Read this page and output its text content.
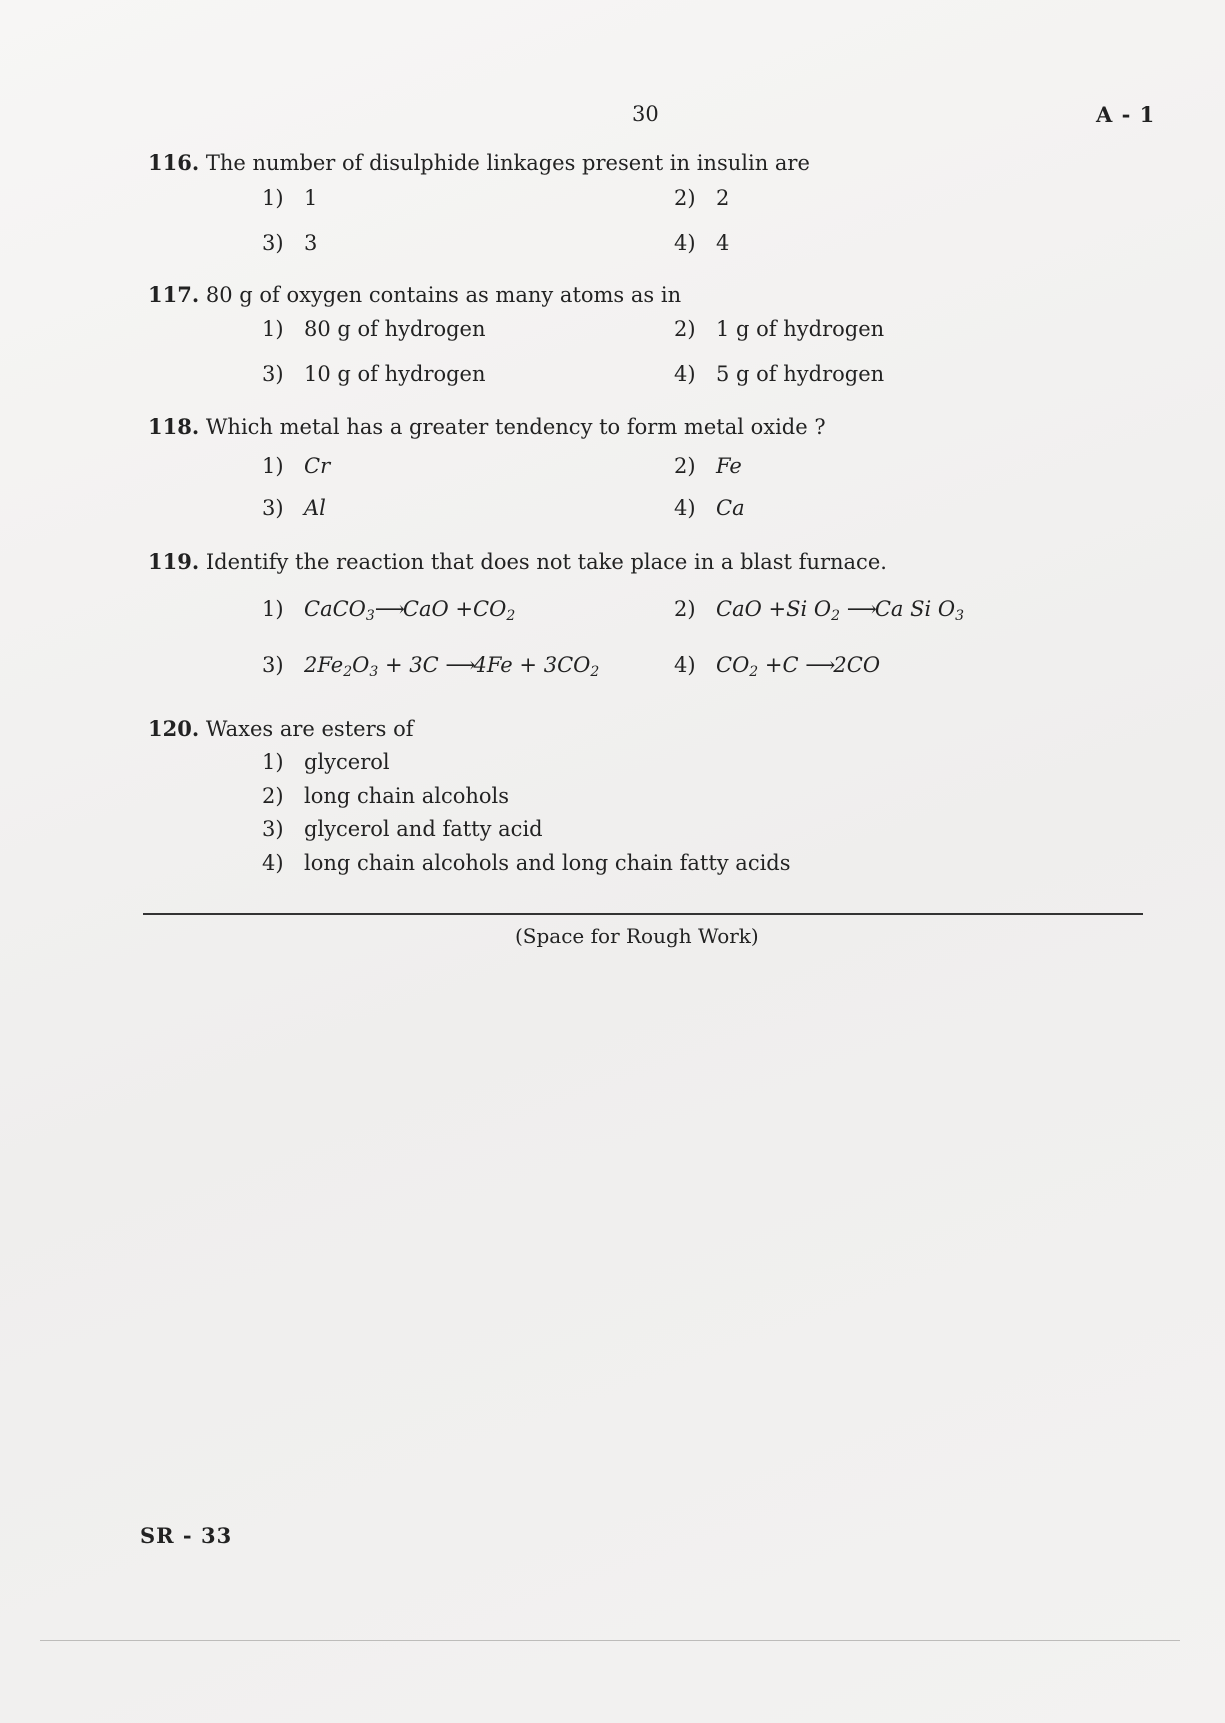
30	A - 1
116. The number of disulphide linkages present in insulin are
1) 1	2) 2
3) 3	4) 4
117. 80 g of oxygen contains as many atoms as in
1) 80 g of hydrogen	2) 1 g of hydrogen
3) 10 g of hydrogen	4) 5 g of hydrogen
118. Which metal has a greater tendency to form metal oxide ?
1) Cr	2) Fe
3) Al	4) Ca
119. Identify the reaction that does not take place in a blast furnace.
1) CaCO$_3$⟶CaO $+CO_2$	2) CaO +Si $O_2$ ⟶Ca Si $O_3$
3) $2Fe_2O_3 + 3C$ ⟶4Fe + $3CO_2$	4) $CO_2 +C$ ⟶2CO
120. Waxes are esters of
1) glycerol
2) long chain alcohols
3) glycerol and fatty acid
4) long chain alcohols and long chain fatty acids
(Space for Rough Work)
SR - 33
